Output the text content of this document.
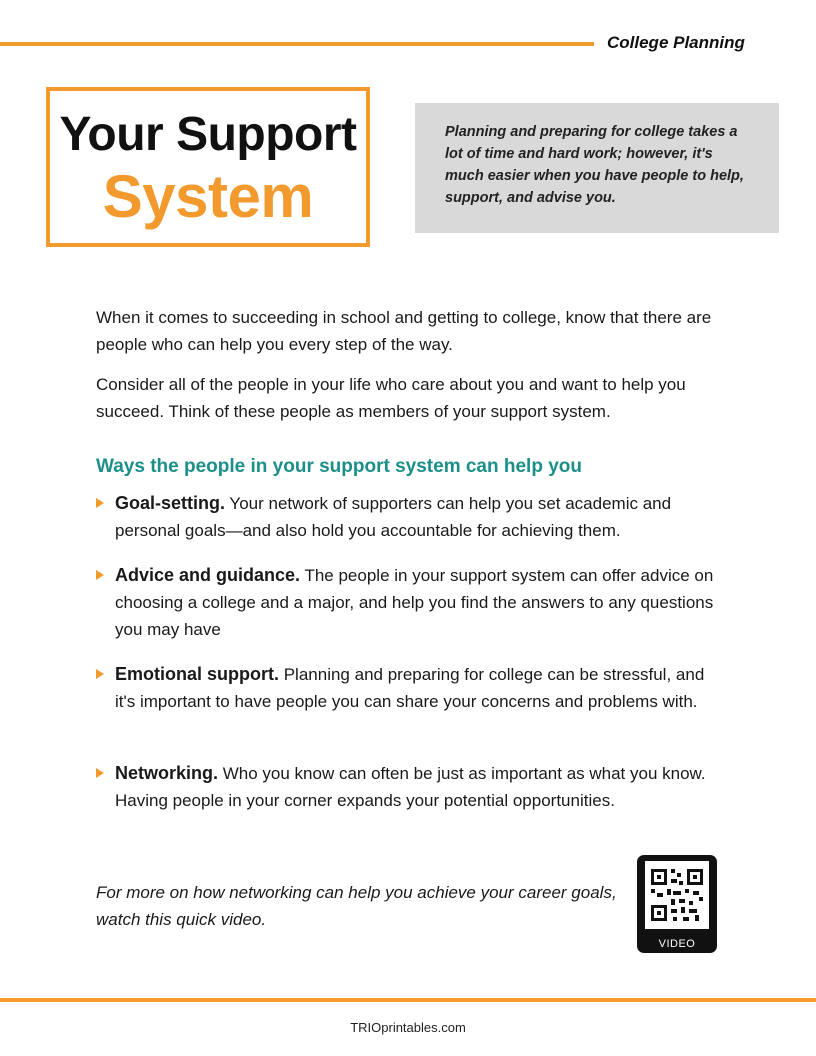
College Planning
Your Support
System
Planning and preparing for college takes a lot of time and hard work; however, it's much easier when you have people to help, support, and advise you.

When it comes to succeeding in school and getting to college, know that there are people who can help you every step of the way.

Consider all of the people in your life who care about you and want to help you succeed. Think of these people as members of your support system.

Ways the people in your support system can help you
Goal-setting. Your network of supporters can help you set academic and personal goals—and also hold you accountable for achieving them.
Advice and guidance. The people in your support system can offer advice on choosing a college and a major, and help you find the answers to any questions you may have
Emotional support. Planning and preparing for college can be stressful, and it's important to have people you can share your concerns and problems with.
Networking. Who you know can often be just as important as what you know. Having people in your corner expands your potential opportunities.

For more on how networking can help you achieve your career goals, watch this quick video.

VIDEO
TRIOprintables.com
